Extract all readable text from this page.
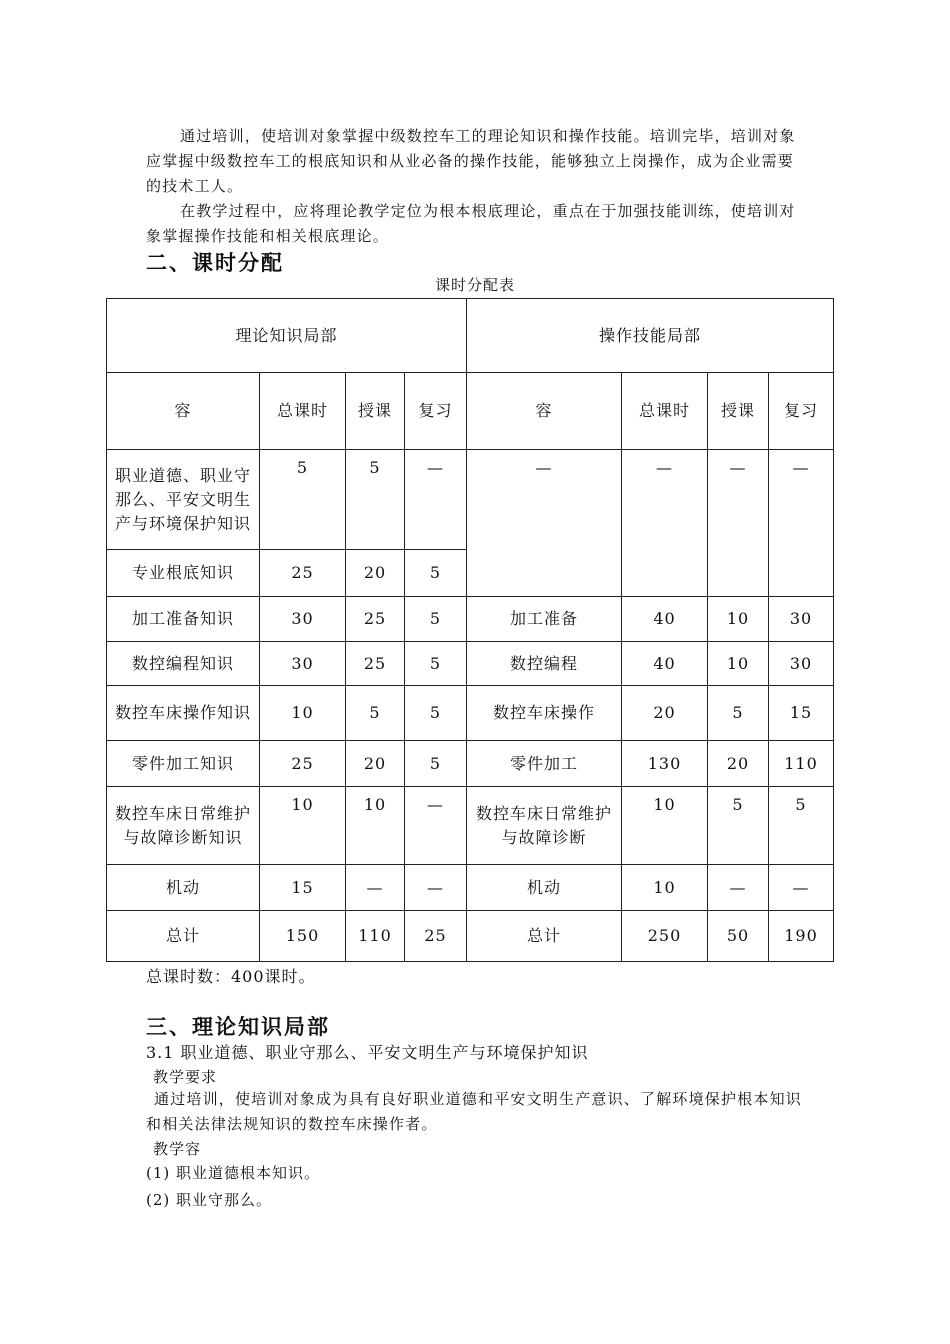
通过培训，使培训对象掌握中级数控车工的理论知识和操作技能。培训完毕，培训对象应掌握中级数控车工的根底知识和从业必备的操作技能，能够独立上岗操作，成为企业需要的技术工人。

在教学过程中，应将理论教学定位为根本根底理论，重点在于加强技能训练，使培训对象掌握操作技能和相关根底理论。

二、课时分配
课时分配表
理论知识局部				操作技能局部			
容	总课时	授课	复习	容	总课时	授课	复习
职业道德、职业守那么、平安文明生产与环境保护知识	5	5	—	—	—	—	—
专业根底知识	25	20	5				
加工准备知识	30	25	5	加工准备	40	10	30
数控编程知识	30	25	5	数控编程	40	10	30
数控车床操作知识	10	5	5	数控车床操作	20	5	15
零件加工知识	25	20	5	零件加工	130	20	110
数控车床日常维护与故障诊断知识	10	10	—	数控车床日常维护与故障诊断	10	5	5
机动	15	—	—	机动	10	—	—
总计	150	110	25	总计	250	50	190

总课时数：400课时。

三、理论知识局部

3.1 职业道德、职业守那么、平安文明生产与环境保护知识

教学要求

通过培训，使培训对象成为具有良好职业道德和平安文明生产意识、了解环境保护根本知识和相关法律法规知识的数控车床操作者。

教学容

(1) 职业道德根本知识。

(2) 职业守那么。
